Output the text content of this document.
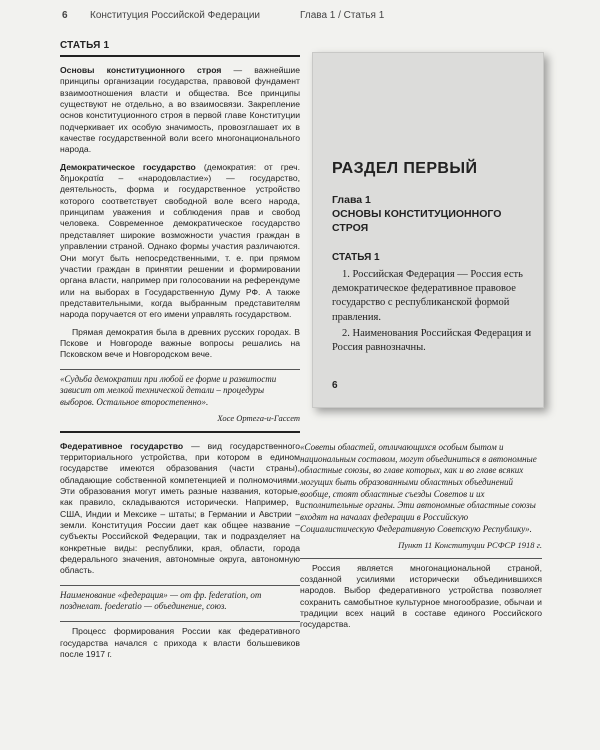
6 Конституция Российской Федерации	Глава 1 / Статья 1
СТАТЬЯ 1

Основы конституционного строя — важнейшие принципы организации государства, правовой фундамент взаимоотношения власти и общества. Все принципы существуют не отдельно, а во взаимосвязи. Закрепление основ конституционного строя в первой главе Конституции подчеркивает их особую значимость, провозглашает их в качестве государственной воли всего многонационального народа.

Демократическое государство (демократия: от греч. δημοκρατία – «народовластие») — государство, деятельность, форма и государственное устройство которого соответствует свободной воле всего народа, принципам уважения и соблюдения прав и свобод человека. Современное демократическое государство представляет широкие возможности участия граждан в управлении страной. Однако формы участия различаются. Они могут быть непосредственными, т. е. при прямом участии граждан в принятии решении и формировании органа власти, например при голосовании на референдуме или на выборах в Государственную Думу РФ. А также представительными, когда выбранным представителям народа поручается от его имени управлять государством.

Прямая демократия была в древних русских городах. В Пскове и Новгороде важные вопросы решались на Псковском вече и Новгородском вече.

«Судьба демократии при любой ее форме и развитости зависит от мелкой технической детали – процедуры выборов. Остальное второстепенно».
Хосе Ортега-и-Гассет

Федеративное государство — вид государственного территориального устройства, при котором в едином государстве имеются образования (части страны), обладающие собственной компетенцией и полномочиями. Эти образования могут иметь разные названия, которые, как правило, складываются исторически. Например, в США, Индии и Мексике – штаты; в Германии и Австрии – земли. Конституция России дает как общее название – субъекты Российской Федерации, так и подразделяет на конкретные виды: республики, края, области, города федерального значения, автономные округа, автономную область.

Наименование «федерация» — от фр. federation, от позднелат. foederatio — объединение, союз.

Процесс формирования России как федеративного государства начался с прихода к власти большевиков после 1917 г.

РАЗДЕЛ ПЕРВЫЙ
Глава 1
ОСНОВЫ КОНСТИТУЦИОННОГО СТРОЯ
СТАТЬЯ 1
1. Российская Федерация — Россия есть демократическое федеративное правовое государство с республиканской формой правления.
2. Наименования Российская Федерация и Россия равнозначны.
6
«Советы областей, отличающихся особым бытом и национальным составом, могут объединиться в автономные областные союзы, во главе которых, как и во главе всяких могущих быть образованными областных объединений вообще, стоят областные съезды Советов и их исполнительные органы. Эти автономные областные союзы входят на началах федерации в Российскую Социалистическую Федеративную Советскую Республику».
Пункт 11 Конституции РСФСР 1918 г.

Россия является многонациональной страной, созданной усилиями исторически объединившихся народов. Выбор федеративного устройства позволяет сохранить самобытное культурное многообразие, обычаи и традиции всех наций в составе единого Российского государства.
